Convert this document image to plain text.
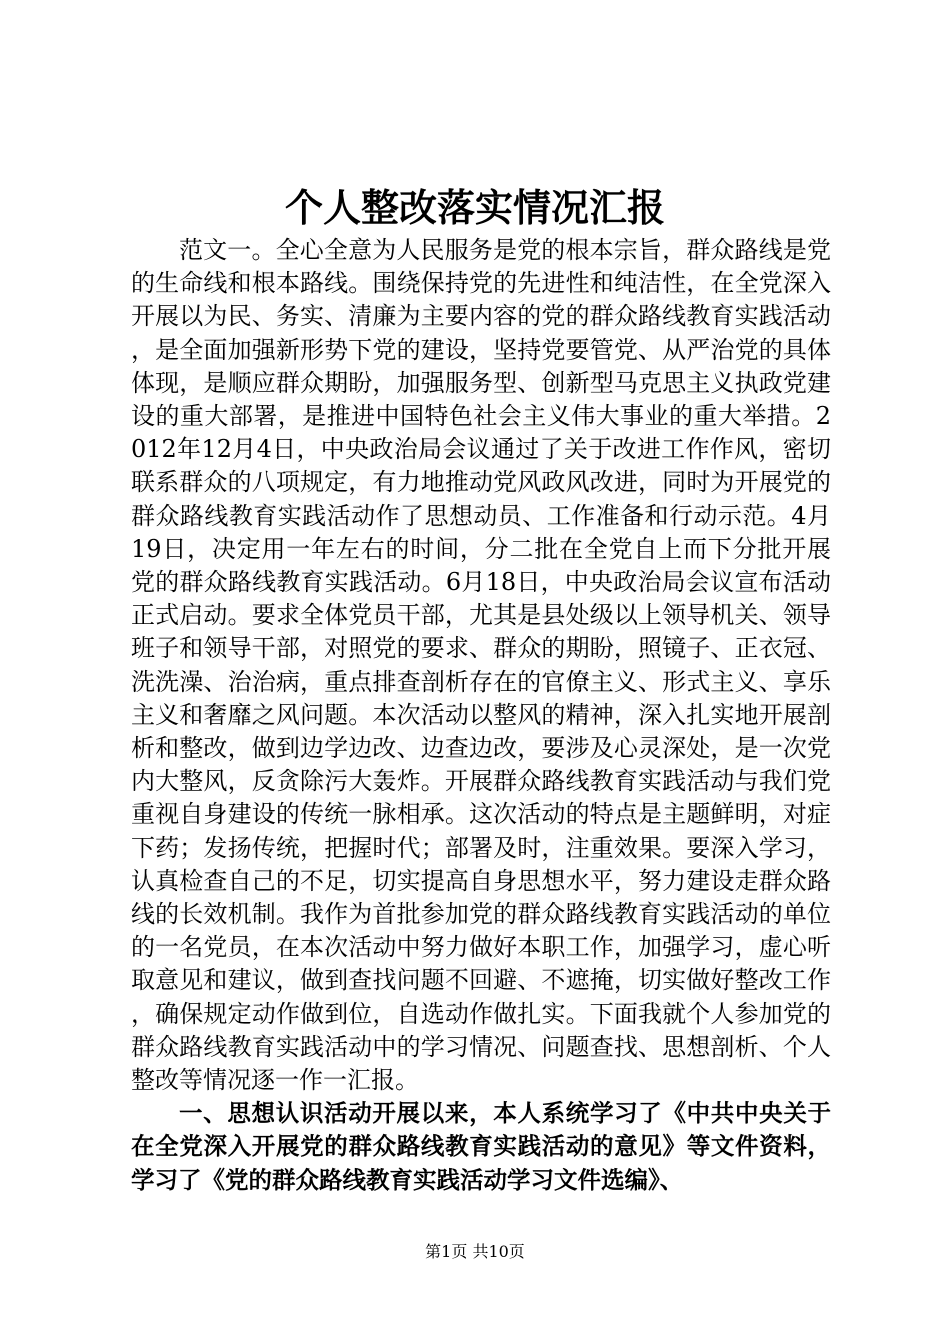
个人整改落实情况汇报

范文一。全心全意为人民服务是党的根本宗旨，群众路线是党的生命线和根本路线。围绕保持党的先进性和纯洁性，在全党深入开展以为民、务实、清廉为主要内容的党的群众路线教育实践活动，是全面加强新形势下党的建设，坚持党要管党、从严治党的具体体现，是顺应群众期盼，加强服务型、创新型马克思主义执政党建设的重大部署，是推进中国特色社会主义伟大事业的重大举措。2012年12月4日，中央政治局会议通过了关于改进工作作风，密切联系群众的八项规定，有力地推动党风政风改进，同时为开展党的群众路线教育实践活动作了思想动员、工作准备和行动示范。4月19日，决定用一年左右的时间，分二批在全党自上而下分批开展党的群众路线教育实践活动。6月18日，中央政治局会议宣布活动正式启动。要求全体党员干部，尤其是县处级以上领导机关、领导班子和领导干部，对照党的要求、群众的期盼，照镜子、正衣冠、洗洗澡、治治病，重点排查剖析存在的官僚主义、形式主义、享乐主义和奢靡之风问题。本次活动以整风的精神，深入扎实地开展剖析和整改，做到边学边改、边查边改，要涉及心灵深处，是一次党内大整风，反贪除污大轰炸。开展群众路线教育实践活动与我们党重视自身建设的传统一脉相承。这次活动的特点是主题鲜明，对症下药；发扬传统，把握时代；部署及时，注重效果。要深入学习，认真检查自己的不足，切实提高自身思想水平，努力建设走群众路线的长效机制。我作为首批参加党的群众路线教育实践活动的单位的一名党员，在本次活动中努力做好本职工作，加强学习，虚心听取意见和建议，做到查找问题不回避、不遮掩，切实做好整改工作，确保规定动作做到位，自选动作做扎实。下面我就个人参加党的群众路线教育实践活动中的学习情况、问题查找、思想剖析、个人整改等情况逐一作一汇报。

一、思想认识活动开展以来，本人系统学习了《中共中央关于在全党深入开展党的群众路线教育实践活动的意见》等文件资料，学习了《党的群众路线教育实践活动学习文件选编》、

第1页 共10页
